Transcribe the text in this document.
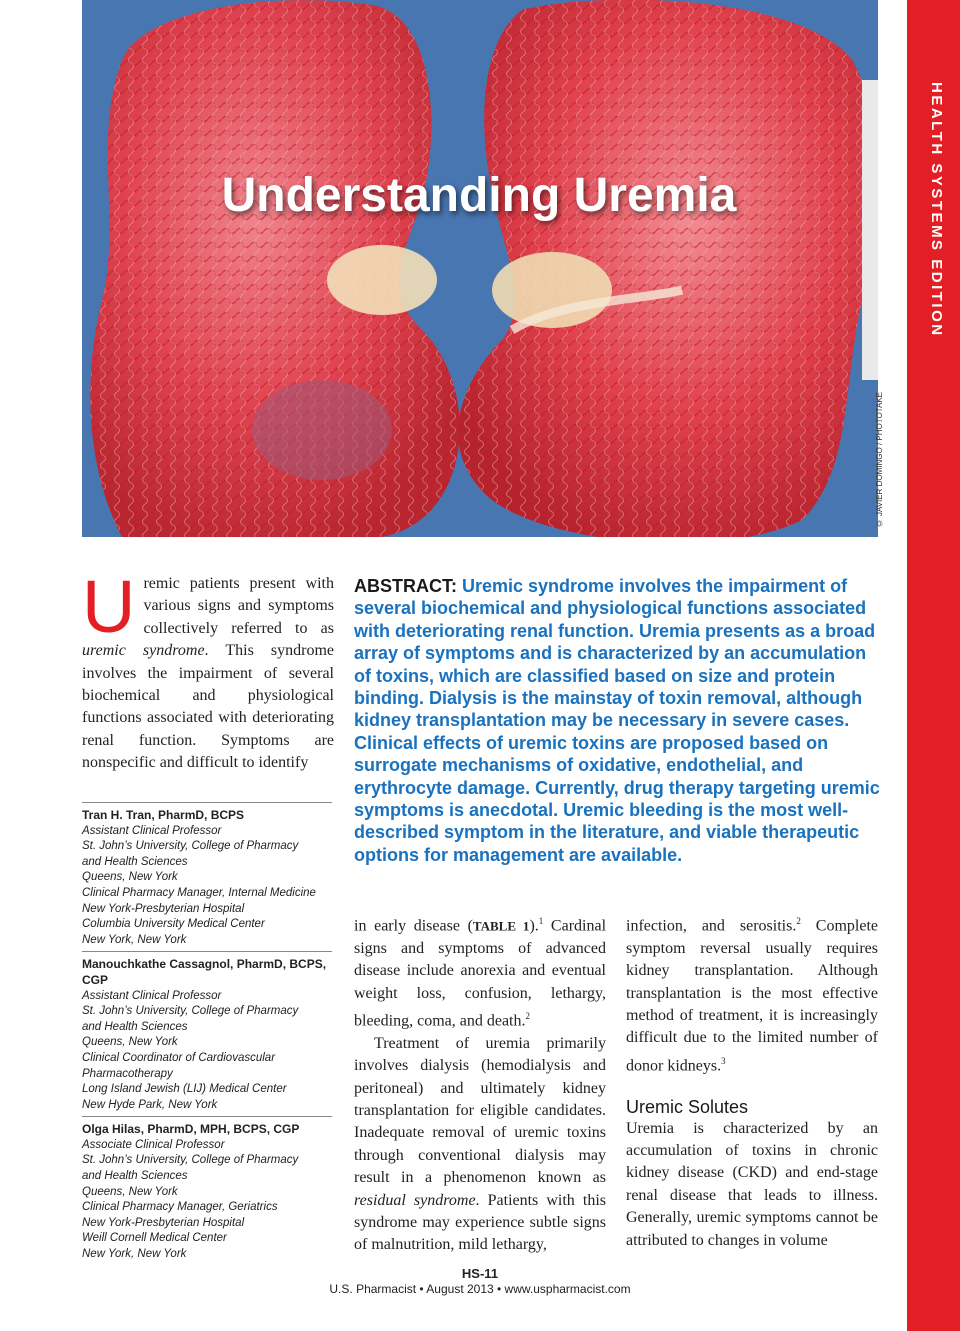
HEALTH SYSTEMS EDITION
Understanding Uremia
© JAVIER DOMINGO / PHOTOTAKE
Uremic patients present with various signs and symptoms collectively referred to as uremic syndrome. This syndrome involves the impairment of several biochemical and physiological functions associated with deteriorating renal function. Symptoms are nonspecific and difficult to identify
Tran H. Tran, PharmD, BCPS
Assistant Clinical Professor
St. John’s University, College of Pharmacy
and Health Sciences
Queens, New York
Clinical Pharmacy Manager, Internal Medicine
New York-Presbyterian Hospital
Columbia University Medical Center
New York, New York
Manouchkathe Cassagnol, PharmD, BCPS, CGP
Assistant Clinical Professor
St. John’s University, College of Pharmacy
and Health Sciences
Queens, New York
Clinical Coordinator of Cardiovascular
Pharmacotherapy
Long Island Jewish (LIJ) Medical Center
New Hyde Park, New York
Olga Hilas, PharmD, MPH, BCPS, CGP
Associate Clinical Professor
St. John’s University, College of Pharmacy
and Health Sciences
Queens, New York
Clinical Pharmacy Manager, Geriatrics
New York-Presbyterian Hospital
Weill Cornell Medical Center
New York, New York
ABSTRACT: Uremic syndrome involves the impairment of several biochemical and physiological functions associated with deteriorating renal function. Uremia presents as a broad array of symptoms and is characterized by an accumulation of toxins, which are classified based on size and protein binding. Dialysis is the mainstay of toxin removal, although kidney transplantation may be necessary in severe cases. Clinical effects of uremic toxins are proposed based on surrogate mechanisms of oxidative, endothelial, and erythrocyte damage. Currently, drug therapy targeting uremic symptoms is anecdotal. Uremic bleeding is the most well-described symptom in the literature, and viable therapeutic options for management are available.

in early disease (TABLE 1).$^1$ Cardinal signs and symptoms of advanced disease include anorexia and eventual weight loss, confusion, lethargy, bleeding, coma, and death.$^2$

Treatment of uremia primarily involves dialysis (hemodialysis and peritoneal) and ultimately kidney transplantation for eligible candidates. Inadequate removal of uremic toxins through conventional dialysis may result in a phenomenon known as residual syndrome. Patients with this syndrome may experience subtle signs of malnutrition, mild lethargy,

infection, and serositis.$^2$ Complete symptom reversal usually requires kidney transplantation. Although transplantation is the most effective method of treatment, it is increasingly difficult due to the limited number of donor kidneys.$^3$

Uremic Solutes

Uremia is characterized by an accumulation of toxins in chronic kidney disease (CKD) and end-stage renal disease that leads to illness. Generally, uremic symptoms cannot be attributed to changes in volume

HS-11
U.S. Pharmacist • August 2013 • www.uspharmacist.com
